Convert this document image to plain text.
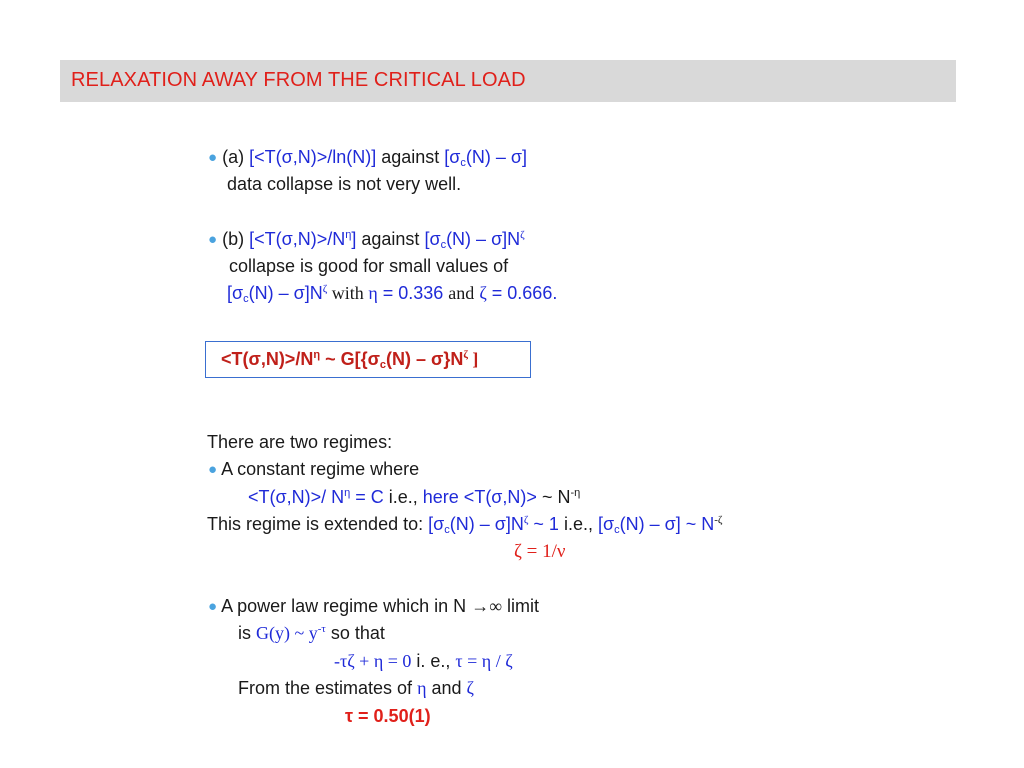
RELAXATION AWAY FROM THE CRITICAL LOAD
● (a) [<T(σ,N)>/ln(N)] against $[\sigma_c(N) - \sigma]$
data collapse is not very well.
● (b) $[<T(\sigma,N)>/N^\eta]$ against $[\sigma_c(N) - \sigma]N^\zeta$
collapse is good for small values of
$[\sigma_c(N) - \sigma]N^\zeta$ with η = 0.336 and ζ = 0.666.
$<T(\sigma,N)>/N^\eta$ ~ $G[\{\sigma_c(N) - \sigma\}N^\zeta$ ]
There are two regimes:
● A constant regime where
<T(σ,N)>/ $N^\eta = C$ i.e., here <T(σ,N)> ~ $N^{-\eta}$
This regime is extended to: $[\sigma_c(N) - \sigma]N^\zeta$ ~ 1 i.e., $[\sigma_c(N) - \sigma]$ ~ $N^{-\zeta}$
ζ = 1/ν
● A power law regime which in N →∞ limit
is G(y) ~ $y^{-\tau}$ so that
-τζ + η = 0 i. e., τ = η / ζ
From the estimates of η and ζ
τ = 0.50(1)
